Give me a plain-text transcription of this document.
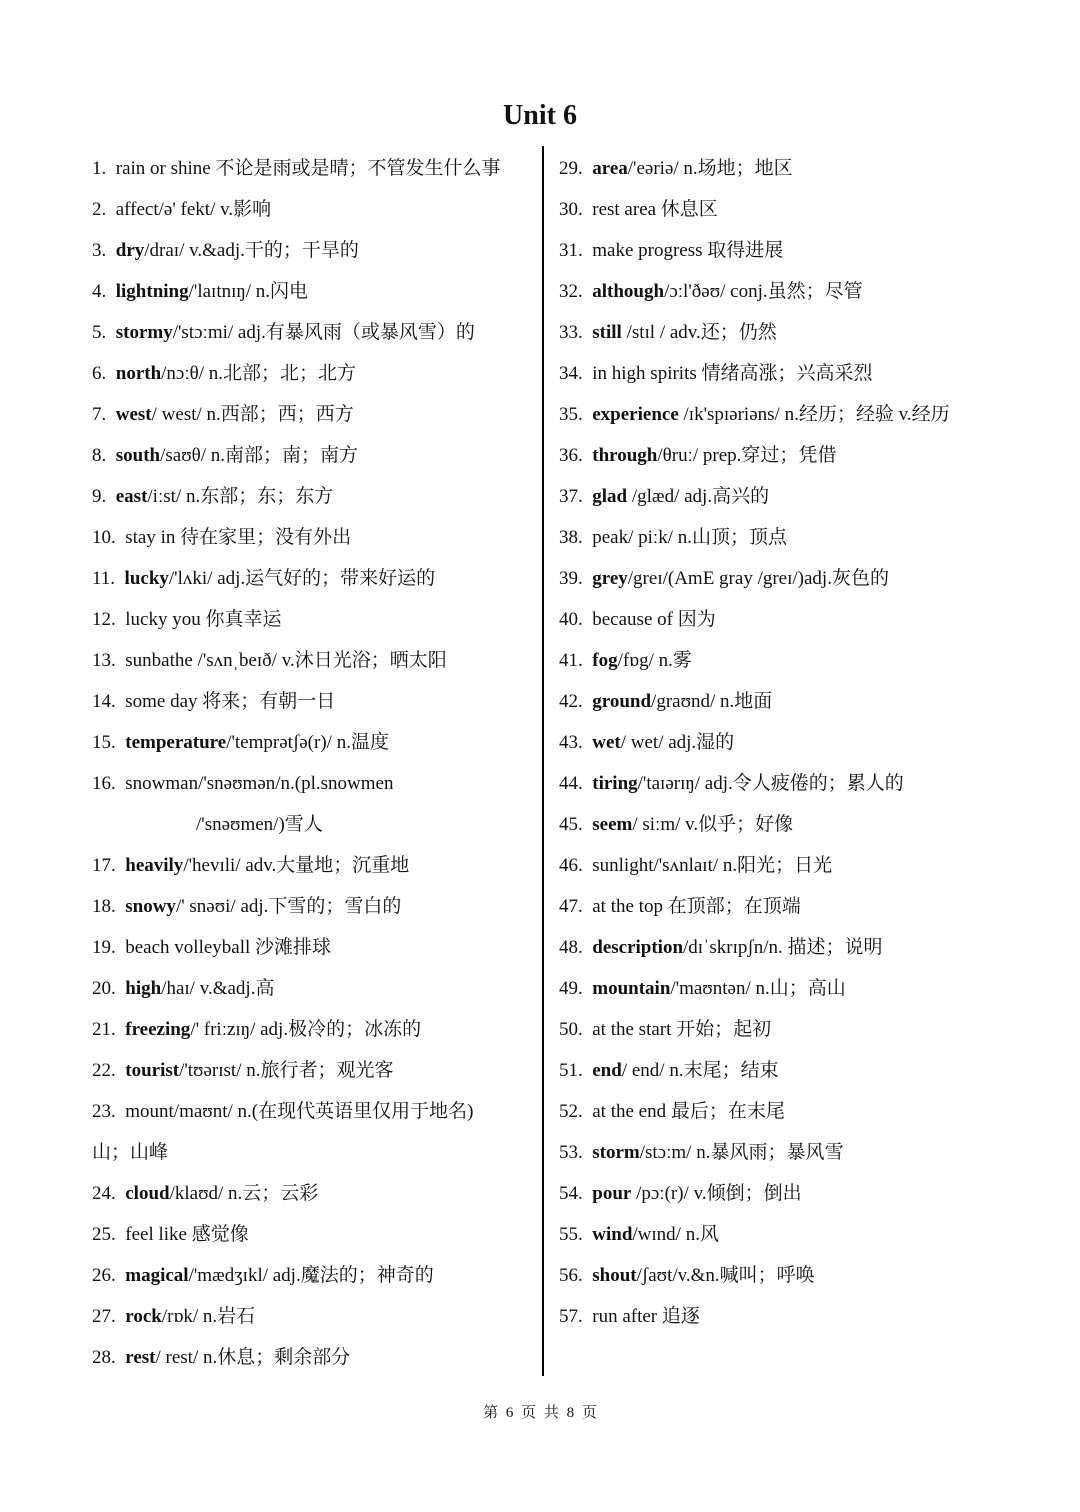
Unit 6
1. rain or shine 不论是雨或是晴；不管发生什么事
2. affect/ə' fekt/ v.影响
3. dry/draɪ/ v.&adj.干的；干旱的
4. lightning/'laɪtnɪŋ/ n.闪电
5. stormy/'stɔːmi/ adj.有暴风雨（或暴风雪）的
6. north/nɔːθ/ n.北部；北；北方
7. west/ west/ n.西部；西；西方
8. south/saʊθ/ n.南部；南；南方
9. east/iːst/ n.东部；东；东方
10. stay in 待在家里；没有外出
11. lucky/'lʌki/ adj.运气好的；带来好运的
12. lucky you 你真幸运
13. sunbathe /'sʌnˌbeɪð/ v.沐日光浴；晒太阳
14. some day 将来；有朝一日
15. temperature/'temprətʃə(r)/ n.温度
16. snowman/'snəʊmən/n.(pl.snowmen
/'snəʊmen/)雪人
17. heavily/'hevɪli/ adv.大量地；沉重地
18. snowy/' snəʊi/ adj.下雪的；雪白的
19. beach volleyball 沙滩排球
20. high/haɪ/ v.&adj.高
21. freezing/' friːzɪŋ/ adj.极冷的；冰冻的
22. tourist/'tʊərɪst/ n.旅行者；观光客
23. mount/maʊnt/ n.(在现代英语里仅用于地名)
山；山峰
24. cloud/klaʊd/ n.云；云彩
25. feel like 感觉像
26. magical/'mædʒɪkl/ adj.魔法的；神奇的
27. rock/rɒk/ n.岩石
28. rest/ rest/ n.休息；剩余部分
29. area/'eəriə/ n.场地；地区
30. rest area 休息区
31. make progress 取得进展
32. although/ɔːl'ðəʊ/ conj.虽然；尽管
33. still /stɪl / adv.还；仍然
34. in high spirits 情绪高涨；兴高采烈
35. experience /ɪk'spɪəriəns/ n.经历；经验 v.经历
36. through/θruː/ prep.穿过；凭借
37. glad /glæd/ adj.高兴的
38. peak/ piːk/ n.山顶；顶点
39. grey/greɪ/(AmE gray /greɪ/)adj.灰色的
40. because of 因为
41. fog/fɒg/ n.雾
42. ground/graʊnd/ n.地面
43. wet/ wet/ adj.湿的
44. tiring/'taɪərɪŋ/ adj.令人疲倦的；累人的
45. seem/ siːm/ v.似乎；好像
46. sunlight/'sʌnlaɪt/ n.阳光；日光
47. at the top 在顶部；在顶端
48. description/dɪˈskrɪpʃn/n. 描述；说明
49. mountain/'maʊntən/ n.山；高山
50. at the start 开始；起初
51. end/ end/ n.末尾；结束
52. at the end 最后；在末尾
53. storm/stɔːm/ n.暴风雨；暴风雪
54. pour /pɔː(r)/ v.倾倒；倒出
55. wind/wɪnd/ n.风
56. shout/ʃaʊt/v.&n.喊叫；呼唤
57. run after 追逐
第 6 页 共 8 页
